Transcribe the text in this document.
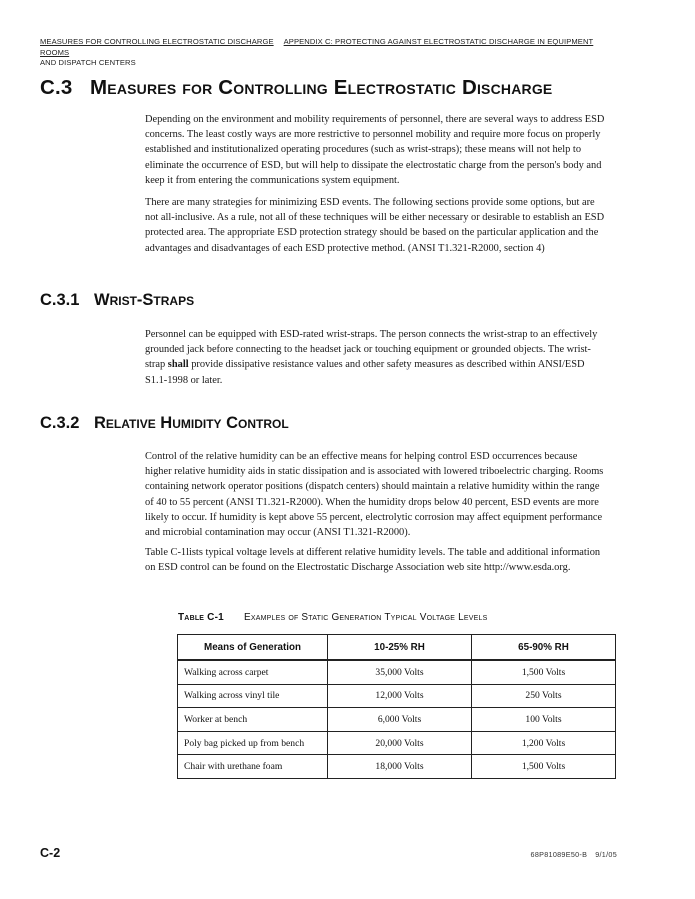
MEASURES FOR CONTROLLING ELECTROSTATIC DISCHARGE APPENDIX C: PROTECTING AGAINST ELECTROSTATIC DISCHARGE IN EQUIPMENT ROOMS
AND DISPATCH CENTERS
C.3 Measures for Controlling Electrostatic Discharge

Depending on the environment and mobility requirements of personnel, there are several ways to address ESD concerns. The least costly ways are more restrictive to personnel mobility and require more focus on properly established and institutionalized operating procedures (such as wrist-straps); these means will not help to eliminate the occurrence of ESD, but will help to dissipate the electrostatic charge from the person's body and keep it from entering the communications system equipment.

There are many strategies for minimizing ESD events. The following sections provide some options, but are not all-inclusive. As a rule, not all of these techniques will be either necessary or desirable to establish an ESD protected area. The appropriate ESD protection strategy should be based on the particular application and the advantages and disadvantages of each ESD protective method. (ANSI T1.321-R2000, section 4)

C.3.1 Wrist-Straps

Personnel can be equipped with ESD-rated wrist-straps. The person connects the wrist-strap to an effectively grounded jack before connecting to the headset jack or touching equipment or grounded objects. The wrist-strap shall provide dissipative resistance values and other safety measures as described within ANSI/ESD S1.1-1998 or later.

C.3.2 Relative Humidity Control

Control of the relative humidity can be an effective means for helping control ESD occurrences because higher relative humidity aids in static dissipation and is associated with lowered triboelectric charging. Rooms containing network operator positions (dispatch centers) should maintain a relative humidity within the range of 40 to 55 percent (ANSI T1.321-R2000). When the humidity drops below 40 percent, ESD events are more likely to occur. If humidity is kept above 55 percent, electrolytic corrosion may affect equipment performance and microbial contamination may occur (ANSI T1.321-R2000).

Table C-1lists typical voltage levels at different relative humidity levels. The table and additional information on ESD control can be found on the Electrostatic Discharge Association web site http://www.esda.org.

Table C-1 Examples of Static Generation Typical Voltage Levels
Means of Generation	10-25% RH	65-90% RH
Walking across carpet	35,000 Volts	1,500 Volts
Walking across vinyl tile	12,000 Volts	250 Volts
Worker at bench	6,000 Volts	100 Volts
Poly bag picked up from bench	20,000 Volts	1,200 Volts
Chair with urethane foam	18,000 Volts	1,500 Volts
C-2	68P81089E50-B 9/1/05
